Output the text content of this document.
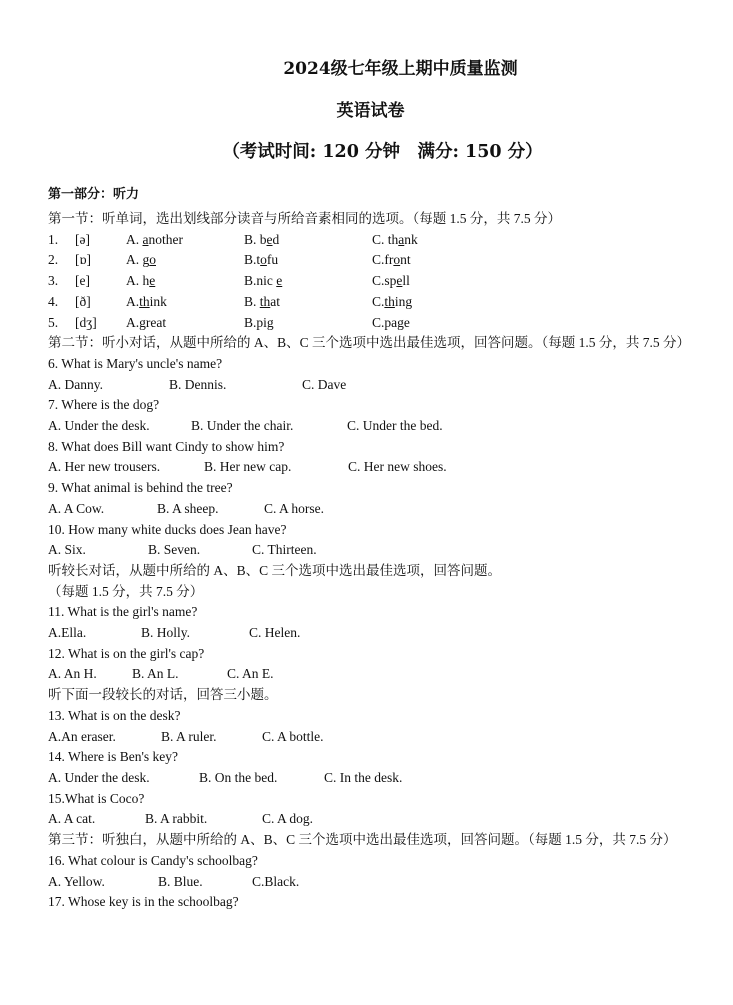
2024级七年级上期中质量监测
英语试卷
（考试时间: 120 分钟　满分: 150 分）
第一部分：听力
第一节：听单词，选出划线部分读音与所给音素相同的选项。（每题 1.5 分，共 7.5 分）
1.	[ə]	A. another	B. bed	C. thank
2.	[ɒ]	A. go	B.tofu	C.front
3.	[e]	A. he	B.nic e	C.spell
4.	[ð]	A.think	B. that	C.thing
5.	[dʒ]	A.great	B.pig	C.page
第二节：听小对话，从题中所给的 A、B、C 三个选项中选出最佳选项，回答问题。（每题 1.5 分，共 7.5 分）
6. What is Mary's uncle's name?
A. Danny.	B. Dennis.	C. Dave
7. Where is the dog?
A. Under the desk.	B. Under the chair.	C. Under the bed.
8. What does Bill want Cindy to show him?
A. Her new trousers.	B. Her new cap.	C. Her new shoes.
9. What animal is behind the tree?
A. A Cow.	B. A sheep.	C. A horse.
10. How many white ducks does Jean have?
A. Six.	B. Seven.	C. Thirteen.
听较长对话，从题中所给的 A、B、C 三个选项中选出最佳选项，回答问题。
（每题 1.5 分，共 7.5 分）
11. What is the girl's name?
A.Ella.	B. Holly.	C. Helen.
12. What is on the girl's cap?
A. An H.	B. An L.	C. An E.
听下面一段较长的对话，回答三小题。
13. What is on the desk?
A.An eraser.	B. A ruler.	C. A bottle.
14. Where is Ben's key?
A. Under the desk.	B. On the bed.	C. In the desk.
15.What is Coco?
A. A cat.	B. A rabbit.	C. A dog.
第三节：听独白，从题中所给的 A、B、C 三个选项中选出最佳选项，回答问题。（每题 1.5 分，共 7.5 分）
16. What colour is Candy's schoolbag?
A. Yellow.	B. Blue.	C.Black.
17. Whose key is in the schoolbag?
